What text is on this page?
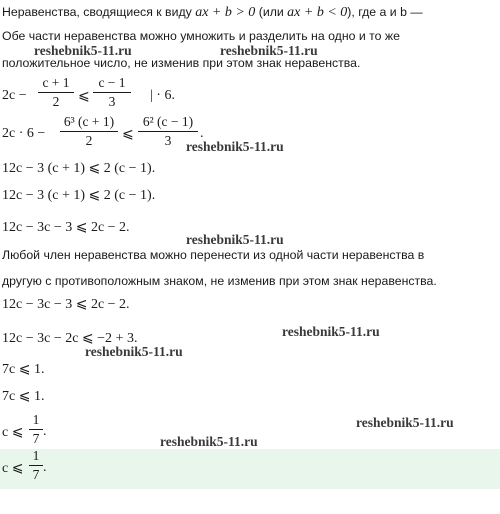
Неравенства, сводящиеся к виду ax + b > 0 (или ax + b < 0), где a и b —
Обе части неравенства можно умножить и разделить на одно и то же
положительное число, не изменив при этом знак неравенства.
reshebnik5-11.ru	reshebnik5-11.ru
2c −
c + 1
2	⩽
c − 1
3	| · 6.
2c · 6 −
6³ (c + 1)
2	⩽
6² (c − 1)
3	.
reshebnik5-11.ru
12c − 3 (c + 1) ⩽ 2 (c − 1).
12c − 3 (c + 1) ⩽ 2 (c − 1).
12c − 3c − 3 ⩽ 2c − 2.
reshebnik5-11.ru
Любой член неравенства можно перенести из одной части неравенства в
другую с противоположным знаком, не изменив при этом знак неравенства.
12c − 3c − 3 ⩽ 2c − 2.
12c − 3c − 2c ⩽ −2 + 3.	reshebnik5-11.ru
reshebnik5-11.ru
7c ⩽ 1.
7c ⩽ 1.
c ⩽
1
7 .
reshebnik5-11.ru
reshebnik5-11.ru
c ⩽
1
7 .
